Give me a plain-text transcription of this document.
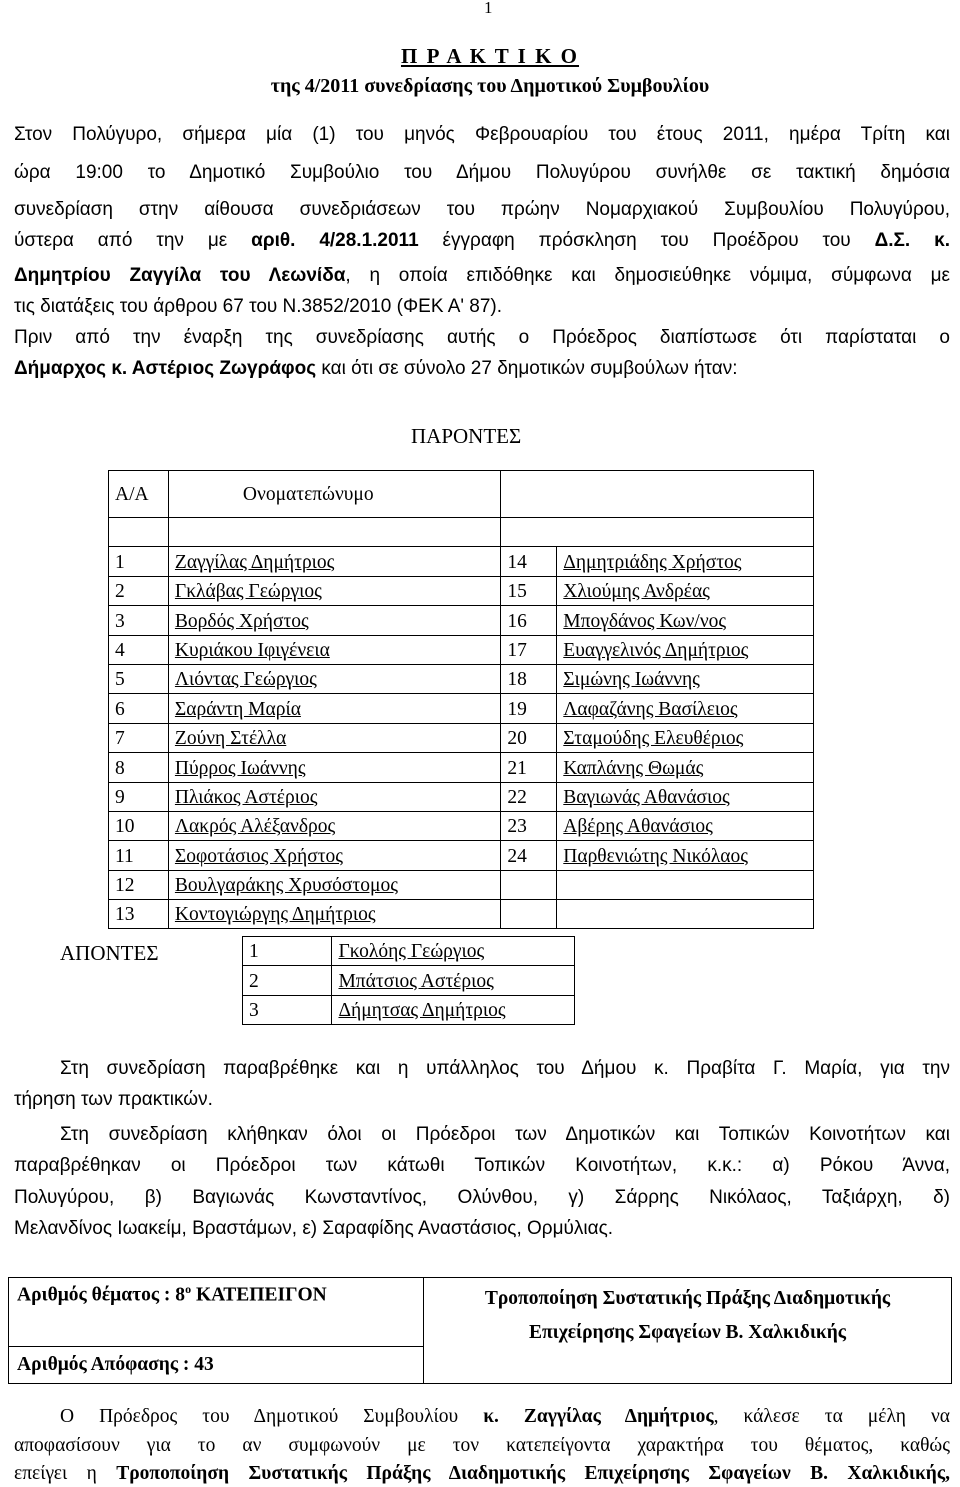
1
Π Ρ Α Κ Τ Ι Κ Ο
της 4/2011 συνεδρίασης του Δημοτικού Συμβουλίου
Στον Πολύγυρο, σήμερα μία (1) του μηνός Φεβρουαρίου του έτους 2011, ημέρα Τρίτη και
ώρα 19:00 το Δημοτικό Συμβούλιο του Δήμου Πολυγύρου συνήλθε σε τακτική δημόσια
συνεδρίαση στην αίθουσα συνεδριάσεων του πρώην Νομαρχιακού Συμβουλίου Πολυγύρου,
ύστερα από την με αριθ. 4/28.1.2011 έγγραφη πρόσκληση του Προέδρου του Δ.Σ. κ.
Δημητρίου Ζαγγίλα του Λεωνίδα, η οποία επιδόθηκε και δημοσιεύθηκε νόμιμα, σύμφωνα με
τις διατάξεις του άρθρου 67 του Ν.3852/2010 (ΦΕΚ Α' 87).
Πριν από την έναρξη της συνεδρίασης αυτής ο Πρόεδρος διαπίστωσε ότι παρίσταται ο
Δήμαρχος κ. Αστέριος Ζωγράφος και ότι σε σύνολο 27 δημοτικών συμβούλων ήταν:
ΠΑΡΟΝΤΕΣ
Α/Α	Ονοματεπώνυμο		

1	Ζαγγίλας Δημήτριος	14	Δημητριάδης Χρήστος
2	Γκλάβας Γεώργιος	15	Χλιούμης Ανδρέας
3	Βορδός Χρήστος	16	Μπογδάνος Κων/νος
4	Κυριάκου Ιφιγένεια	17	Ευαγγελινός Δημήτριος
5	Λιόντας Γεώργιος	18	Σιμώνης Ιωάννης
6	Σαράντη Μαρία	19	Λαφαζάνης Βασίλειος
7	Ζούνη Στέλλα	20	Σταμούδης Ελευθέριος
8	Πύρρος Ιωάννης	21	Καπλάνης Θωμάς
9	Πλιάκος Αστέριος	22	Βαγιωνάς Αθανάσιος
10	Λακρός Αλέξανδρος	23	Αβέρης Αθανάσιος
11	Σοφοτάσιος Χρήστος	24	Παρθενιώτης Νικόλαος
12	Βουλγαράκης Χρυσόστομος		
13	Κοντογιώργης Δημήτριος		
ΑΠΟΝΤΕΣ	1	Γκολόης Γεώργιος
2	Μπάτσιος Αστέριος
3	Δήμητσας Δημήτριος
Στη συνεδρίαση παραβρέθηκε και η υπάλληλος του Δήμου κ. Πραβίτα Γ. Μαρία, για την
τήρηση των πρακτικών.
Στη συνεδρίαση κλήθηκαν όλοι οι Πρόεδροι των Δημοτικών και Τοπικών Κοινοτήτων και
παραβρέθηκαν οι Πρόεδροι των κάτωθι Τοπικών Κοινοτήτων, κ.κ.: α) Ρόκου Άννα,
Πολυγύρου, β) Βαγιωνάς Κωνσταντίνος, Ολύνθου, γ) Σάρρης Νικόλαος, Ταξιάρχη, δ)
Μελανδίνος Ιωακείμ, Βραστάμων, ε) Σαραφίδης Αναστάσιος, Ορμύλιας.
Αριθμός θέματος : $8^o$ ΚΑΤΕΠΕΙΓΟΝ	Τροποποίηση Συστατικής Πράξης Διαδημοτικής
Επιχείρησης Σφαγείων Β. Χαλκιδικής

Αριθμός Απόφασης : 43
O Πρόεδρος του Δημοτικού Συμβουλίου κ. Ζαγγίλας Δημήτριος, κάλεσε τα μέλη να
αποφασίσουν για το αν συμφωνούν με τον κατεπείγοντα χαρακτήρα του θέματος, καθώς
επείγει η Τροποποίηση Συστατικής Πράξης Διαδημοτικής Επιχείρησης Σφαγείων Β. Χαλκιδικής,
